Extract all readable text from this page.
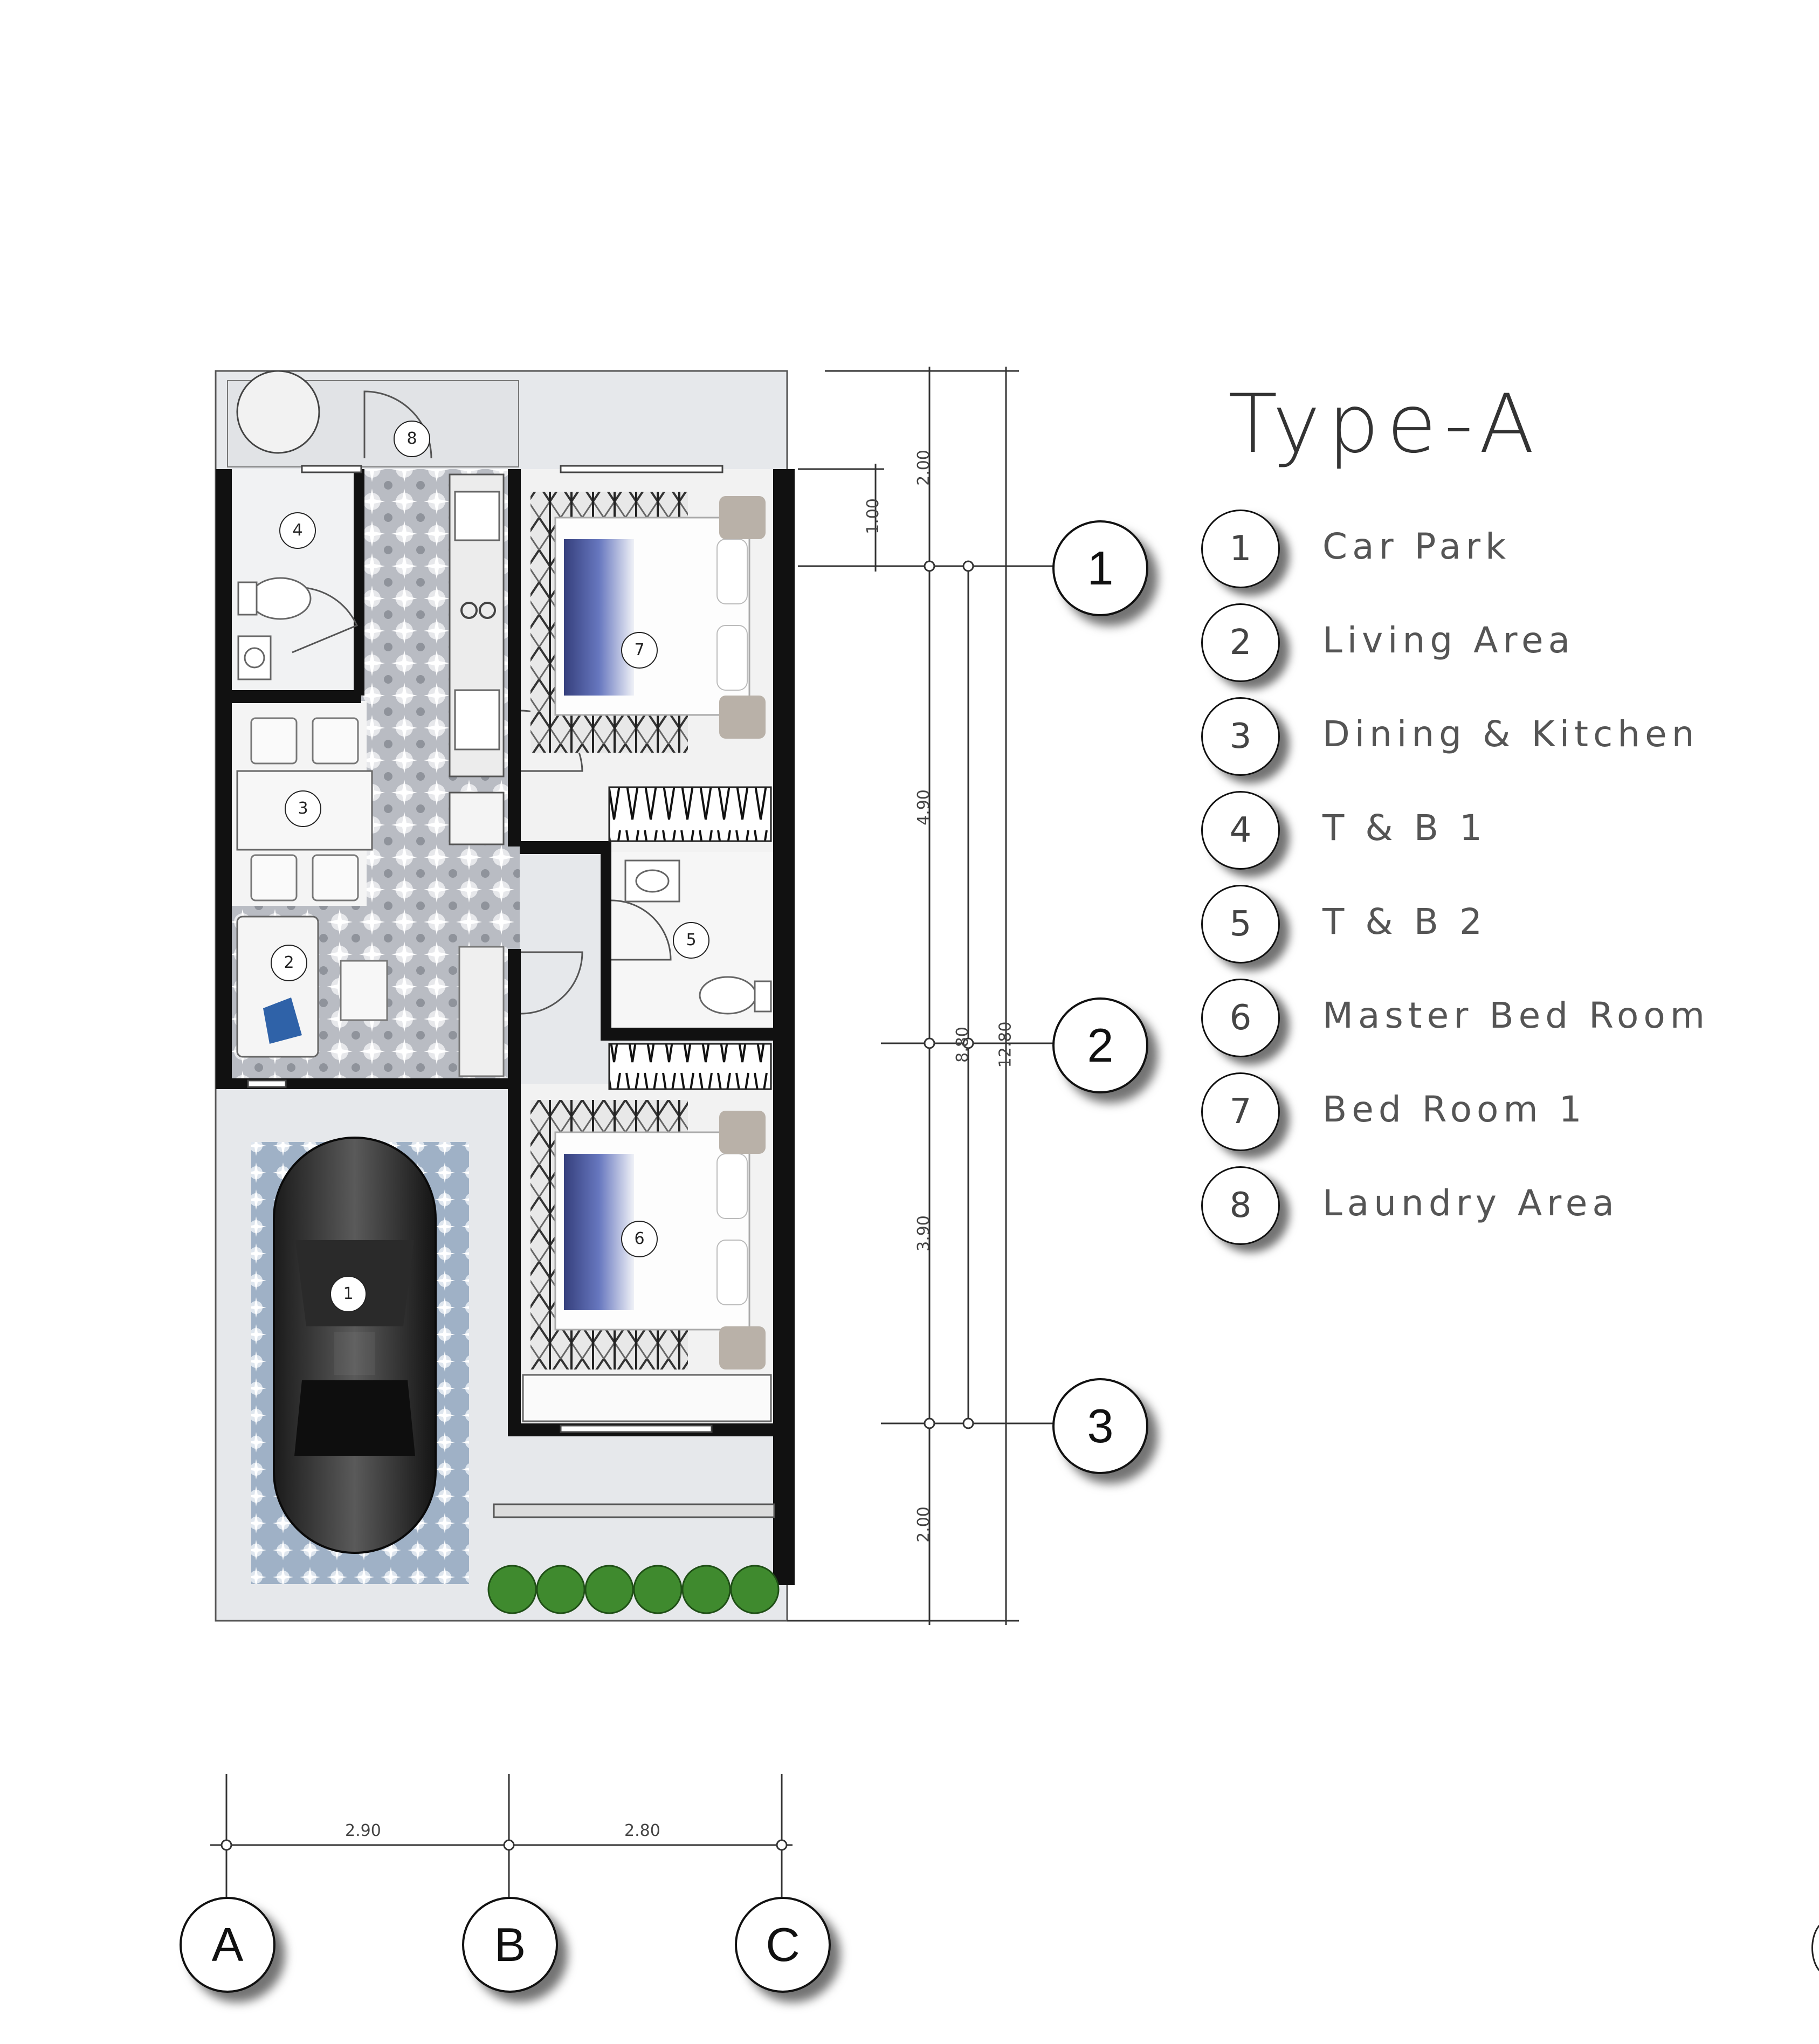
1
2
3
4
5
6
7
8
2.00
1.00
4.90
3.90
2.00
8.80 12.80
2.90	2.80
1
2
3
A	B	C
Type-A
1	Car Park
2	Living Area
3	Dining & Kitchen
4	T & B 1
5	T & B 2
6	Master Bed Room
7	Bed Room 1
8	Laundry Area
